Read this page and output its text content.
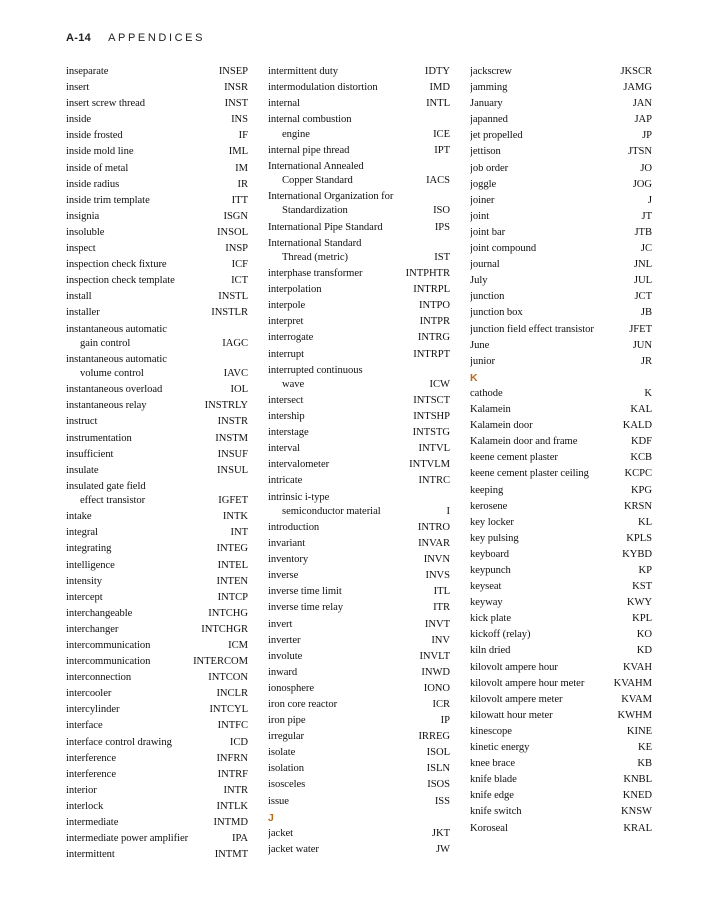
A-14 APPENDICES
inseparate	INSEP
insert	INSR
insert screw thread	INST
inside	INS
inside frosted	IF
inside mold line	IML
inside of metal	IM
inside radius	IR
inside trim template	ITT
insignia	ISGN
insoluble	INSOL
inspect	INSP
inspection check fixture	ICF
inspection check template	ICT
install	INSTL
installer	INSTLR
instantaneous automatic
gain control	IAGC
instantaneous automatic
volume control	IAVC
instantaneous overload	IOL
instantaneous relay	INSTRLY
instruct	INSTR
instrumentation	INSTM
insufficient	INSUF
insulate	INSUL
insulated gate field
effect transistor	IGFET
intake	INTK
integral	INT
integrating	INTEG
intelligence	INTEL
intensity	INTEN
intercept	INTCP
interchangeable	INTCHG
interchanger	INTCHGR
intercommunication	ICM
intercommunication	INTERCOM
interconnection	INTCON
intercooler	INCLR
intercylinder	INTCYL
interface	INTFC
interface control drawing	ICD
interference	INFRN
interference	INTRF
interior	INTR
interlock	INTLK
intermediate	INTMD
intermediate power amplifier	IPA
intermittent	INTMT
intermittent duty	IDTY
intermodulation distortion	IMD
internal	INTL
internal combustion
engine	ICE
internal pipe thread	IPT
International Annealed
Copper Standard	IACS
International Organization for
Standardization	ISO
International Pipe Standard	IPS
International Standard
Thread (metric)	IST
interphase transformer	INTPHTR
interpolation	INTRPL
interpole	INTPO
interpret	INTPR
interrogate	INTRG
interrupt	INTRPT
interrupted continuous
wave	ICW
intersect	INTSCT
intership	INTSHP
interstage	INTSTG
interval	INTVL
intervalometer	INTVLM
intricate	INTRC
intrinsic i-type
semiconductor material	I
introduction	INTRO
invariant	INVAR
inventory	INVN
inverse	INVS
inverse time limit	ITL
inverse time relay	ITR
invert	INVT
inverter	INV
involute	INVLT
inward	INWD
ionosphere	IONO
iron core reactor	ICR
iron pipe	IP
irregular	IRREG
isolate	ISOL
isolation	ISLN
isosceles	ISOS
issue	ISS
J
jacket	JKT
jacket water	JW
jackscrew	JKSCR
jamming	JAMG
January	JAN
japanned	JAP
jet propelled	JP
jettison	JTSN
job order	JO
joggle	JOG
joiner	J
joint	JT
joint bar	JTB
joint compound	JC
journal	JNL
July	JUL
junction	JCT
junction box	JB
junction field effect transistor	JFET
June	JUN
junior	JR
K
cathode	K
Kalamein	KAL
Kalamein door	KALD
Kalamein door and frame	KDF
keene cement plaster	KCB
keene cement plaster ceiling	KCPC
keeping	KPG
kerosene	KRSN
key locker	KL
key pulsing	KPLS
keyboard	KYBD
keypunch	KP
keyseat	KST
keyway	KWY
kick plate	KPL
kickoff (relay)	KO
kiln dried	KD
kilovolt ampere hour	KVAH
kilovolt ampere hour meter	KVAHM
kilovolt ampere meter	KVAM
kilowatt hour meter	KWHM
kinescope	KINE
kinetic energy	KE
knee brace	KB
knife blade	KNBL
knife edge	KNED
knife switch	KNSW
Koroseal	KRAL
